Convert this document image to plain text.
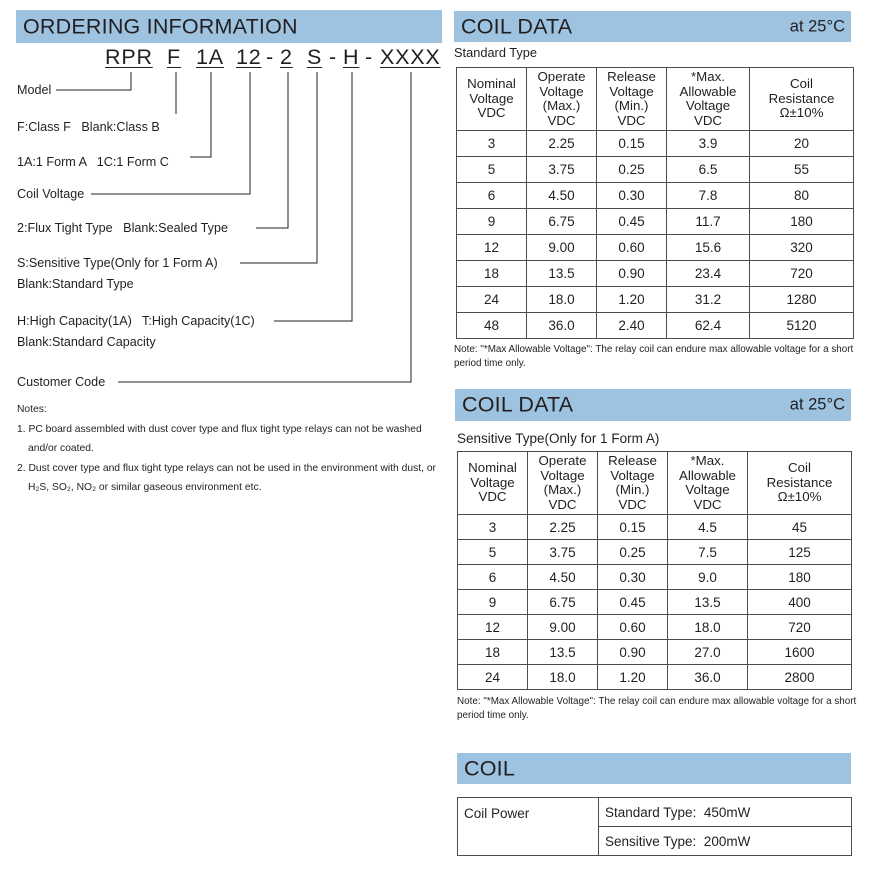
ORDERING INFORMATION
RPR F 1A 12 - 2 S - H - XXXX
Model
F:Class F   Blank:Class B
1A:1 Form A   1C:1 Form C
Coil Voltage
2:Flux Tight Type   Blank:Sealed Type
S:Sensitive Type(Only for 1 Form A)
Blank:Standard Type
H:High Capacity(1A)   T:High Capacity(1C)
Blank:Standard Capacity
Customer Code
Notes:
1. PC board assembled with dust cover type and flux tight type relays can not be washed and/or coated.
2. Dust cover type and flux tight type relays can not be used in the environment with dust, or H₂S, SO₂, NO₂ or similar gaseous environment etc.
COIL DATA	at 25°C
Standard Type
Nominal
Voltage
VDC	Operate
Voltage
(Max.)
VDC	Release
Voltage
(Min.)
VDC	*Max.
Allowable
Voltage
VDC	Coil
Resistance
Ω±10%
3	2.25	0.15	3.9	20
5	3.75	0.25	6.5	55
6	4.50	0.30	7.8	80
9	6.75	0.45	11.7	180
12	9.00	0.60	15.6	320
18	13.5	0.90	23.4	720
24	18.0	1.20	31.2	1280
48	36.0	2.40	62.4	5120
Note: "*Max Allowable Voltage": The relay coil can endure max allowable voltage for a short period time only.
COIL DATA	at 25°C
Sensitive Type(Only for 1 Form A)
Nominal
Voltage
VDC	Operate
Voltage
(Max.)
VDC	Release
Voltage
(Min.)
VDC	*Max.
Allowable
Voltage
VDC	Coil
Resistance
Ω±10%
3	2.25	0.15	4.5	45
5	3.75	0.25	7.5	125
6	4.50	0.30	9.0	180
9	6.75	0.45	13.5	400
12	9.00	0.60	18.0	720
18	13.5	0.90	27.0	1600
24	18.0	1.20	36.0	2800
Note: "*Max Allowable Voltage": The relay coil can endure max allowable voltage for a short period time only.
COIL
Coil Power	Standard Type:  450mW
Sensitive Type:  200mW
